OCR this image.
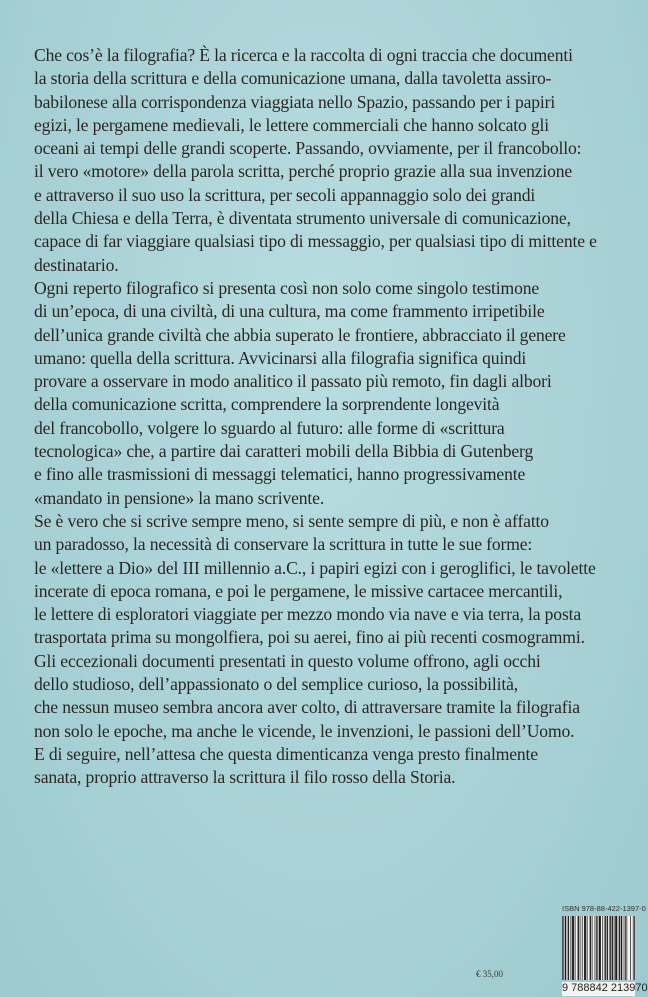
Che cos’è la filografia? È la ricerca e la raccolta di ogni traccia che documenti
la storia della scrittura e della comunicazione umana, dalla tavoletta assiro-
babilonese alla corrispondenza viaggiata nello Spazio, passando per i papiri
egizi, le pergamene medievali, le lettere commerciali che hanno solcato gli
oceani ai tempi delle grandi scoperte. Passando, ovviamente, per il francobollo:
il vero «motore» della parola scritta, perché proprio grazie alla sua invenzione
e attraverso il suo uso la scrittura, per secoli appannaggio solo dei grandi
della Chiesa e della Terra, è diventata strumento universale di comunicazione,
capace di far viaggiare qualsiasi tipo di messaggio, per qualsiasi tipo di mittente e
destinatario.
Ogni reperto filografico si presenta così non solo come singolo testimone
di un’epoca, di una civiltà, di una cultura, ma come frammento irripetibile
dell’unica grande civiltà che abbia superato le frontiere, abbracciato il genere
umano: quella della scrittura. Avvicinarsi alla filografia significa quindi
provare a osservare in modo analitico il passato più remoto, fin dagli albori
della comunicazione scritta, comprendere la sorprendente longevità
del francobollo, volgere lo sguardo al futuro: alle forme di «scrittura
tecnologica» che, a partire dai caratteri mobili della Bibbia di Gutenberg
e fino alle trasmissioni di messaggi telematici, hanno progressivamente
«mandato in pensione» la mano scrivente.
Se è vero che si scrive sempre meno, si sente sempre di più, e non è affatto
un paradosso, la necessità di conservare la scrittura in tutte le sue forme:
le «lettere a Dio» del III millennio a.C., i papiri egizi con i geroglifici, le tavolette
incerate di epoca romana, e poi le pergamene, le missive cartacee mercantili,
le lettere di esploratori viaggiate per mezzo mondo via nave e via terra, la posta
trasportata prima su mongolfiera, poi su aerei, fino ai più recenti cosmogrammi.
Gli eccezionali documenti presentati in questo volume offrono, agli occhi
dello studioso, dell’appassionato o del semplice curioso, la possibilità,
che nessun museo sembra ancora aver colto, di attraversare tramite la filografia
non solo le epoche, ma anche le vicende, le invenzioni, le passioni dell’Uomo.
E di seguire, nell’attesa che questa dimenticanza venga presto finalmente
sanata, proprio attraverso la scrittura il filo rosso della Storia.
€ 35,00
ISBN 978-88-422-1397-0
9 788842 213970
